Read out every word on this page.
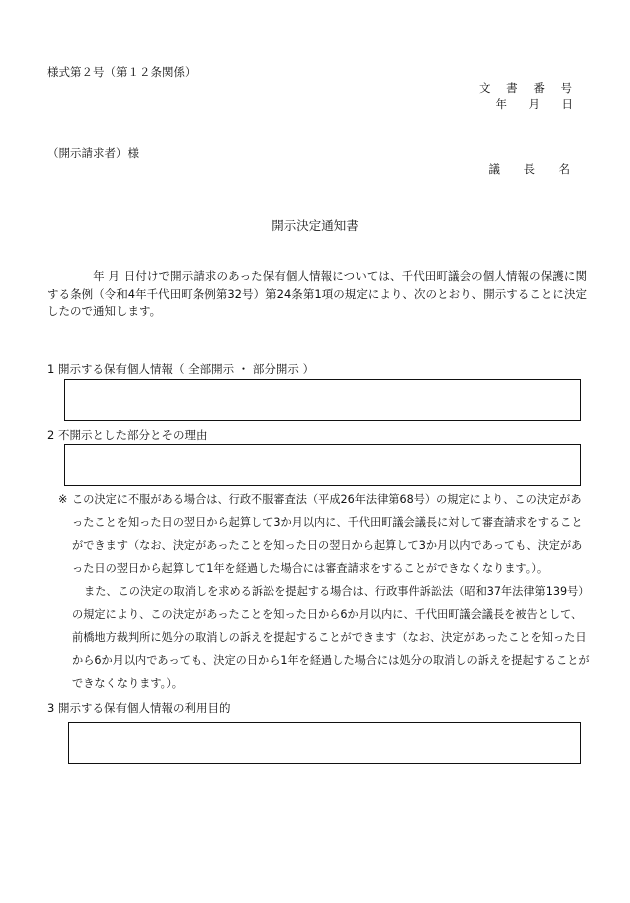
様式第２号（第１２条関係）
文 書 番 号
年　月　日
（開示請求者）様
議　長　名
開示決定通知書
年 月 日付けで開示請求のあった保有個人情報については、千代田町議会の個人情報の保護に関する条例（令和4年千代田町条例第32号）第24条第1項の規定により、次のとおり、開示することに決定したので通知します。
1 開示する保有個人情報（ 全部開示 ・ 部分開示 ）
2 不開示とした部分とその理由
※ この決定に不服がある場合は、行政不服審査法（平成26年法律第68号）の規定により、この決定があったことを知った日の翌日から起算して3か月以内に、千代田町議会議長に対して審査請求をすることができます（なお、決定があったことを知った日の翌日から起算して3か月以内であっても、決定があった日の翌日から起算して1年を経過した場合には審査請求をすることができなくなります。）。
また、この決定の取消しを求める訴訟を提起する場合は、行政事件訴訟法（昭和37年法律第139号）の規定により、この決定があったことを知った日から6か月以内に、千代田町議会議長を被告として、前橋地方裁判所に処分の取消しの訴えを提起することができます（なお、決定があったことを知った日から6か月以内であっても、決定の日から1年を経過した場合には処分の取消しの訴えを提起することができなくなります。）。
3 開示する保有個人情報の利用目的
